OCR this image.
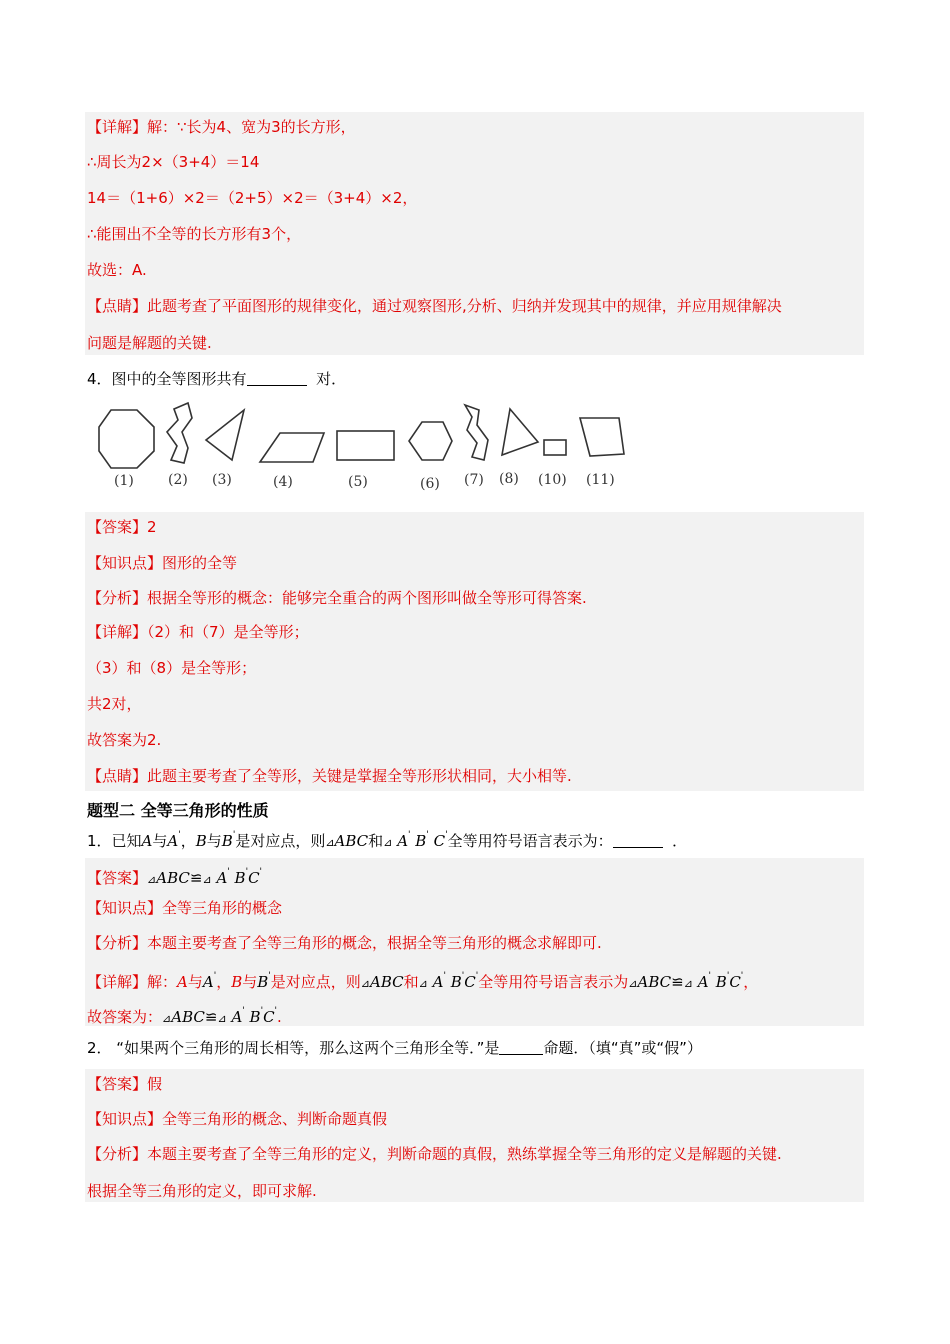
【详解】解：∵长为4、宽为3的长方形，
∴周长为2×（3+4）＝14
14＝（1+6）×2＝（2+5）×2＝（3+4）×2，
∴能围出不全等的长方形有3个，
故选：A.
【点睛】此题考查了平面图形的规律变化，通过观察图形,分析、归纳并发现其中的规律，并应用规律解决
问题是解题的关键.
4．图中的全等图形共有	对．
(1) (2) (3)	(4)	(5)	(6) (7) (8) (10) (11)
【答案】2
【知识点】图形的全等
【分析】根据全等形的概念：能够完全重合的两个图形叫做全等形可得答案.
【详解】（2）和（7）是全等形；
（3）和（8）是全等形；
共2对，
故答案为2.
【点睛】此题主要考查了全等形，关键是掌握全等形形状相同，大小相等.
题型二 全等三角形的性质
1．已知A与A'，B与B'是对应点，则⊿ABC和⊿ A' B' C'全等用符号语言表示为：	．
【答案】⊿ABC≌⊿ A' B'C'
【知识点】全等三角形的概念
【分析】本题主要考查了全等三角形的概念，根据全等三角形的概念求解即可.
【详解】解：A与A'，B与B'是对应点，则⊿ABC和⊿ A' B'C'全等用符号语言表示为⊿ABC≌⊿ A' B'C'，
故答案为：⊿ABC≌⊿ A' B'C'.
2． “如果两个三角形的周长相等，那么这两个三角形全等．”是	命题．（填“真”或“假”）
【答案】假
【知识点】全等三角形的概念、判断命题真假
【分析】本题主要考查了全等三角形的定义，判断命题的真假，熟练掌握全等三角形的定义是解题的关键.
根据全等三角形的定义，即可求解.
